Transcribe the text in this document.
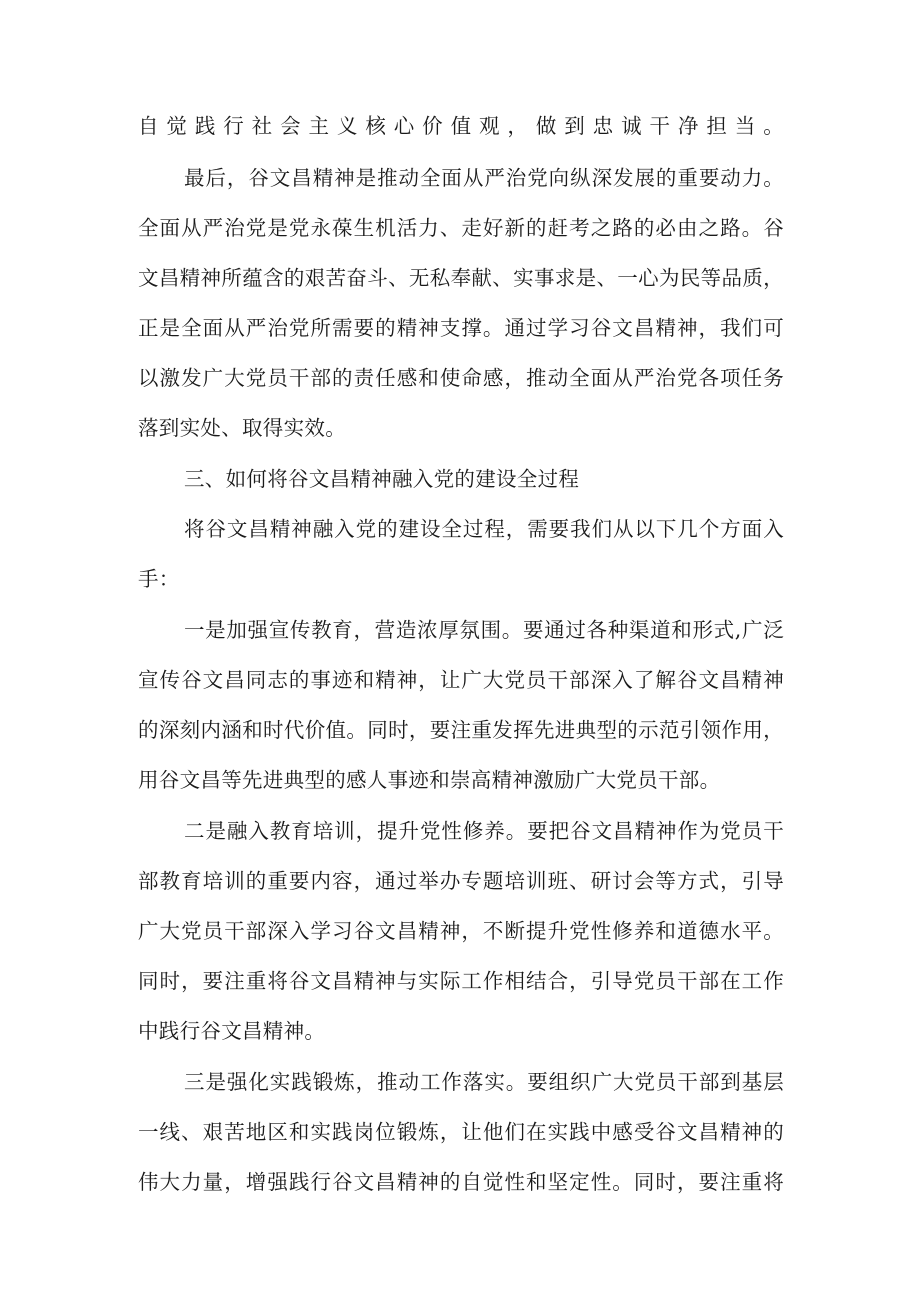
自觉践行社会主义核心价值观，做到忠诚干净担当。
最后，谷文昌精神是推动全面从严治党向纵深发展的重要动力。
全面从严治党是党永葆生机活力、走好新的赶考之路的必由之路。谷
文昌精神所蕴含的艰苦奋斗、无私奉献、实事求是、一心为民等品质，
正是全面从严治党所需要的精神支撑。通过学习谷文昌精神，我们可
以激发广大党员干部的责任感和使命感，推动全面从严治党各项任务
落到实处、取得实效。
三、如何将谷文昌精神融入党的建设全过程
将谷文昌精神融入党的建设全过程，需要我们从以下几个方面入
手：
一是加强宣传教育，营造浓厚氛围。要通过各种渠道和形式,广泛
宣传谷文昌同志的事迹和精神，让广大党员干部深入了解谷文昌精神
的深刻内涵和时代价值。同时，要注重发挥先进典型的示范引领作用，
用谷文昌等先进典型的感人事迹和崇高精神激励广大党员干部。
二是融入教育培训，提升党性修养。要把谷文昌精神作为党员干
部教育培训的重要内容，通过举办专题培训班、研讨会等方式，引导
广大党员干部深入学习谷文昌精神，不断提升党性修养和道德水平。
同时，要注重将谷文昌精神与实际工作相结合，引导党员干部在工作
中践行谷文昌精神。
三是强化实践锻炼，推动工作落实。要组织广大党员干部到基层
一线、艰苦地区和实践岗位锻炼，让他们在实践中感受谷文昌精神的
伟大力量，增强践行谷文昌精神的自觉性和坚定性。同时，要注重将
